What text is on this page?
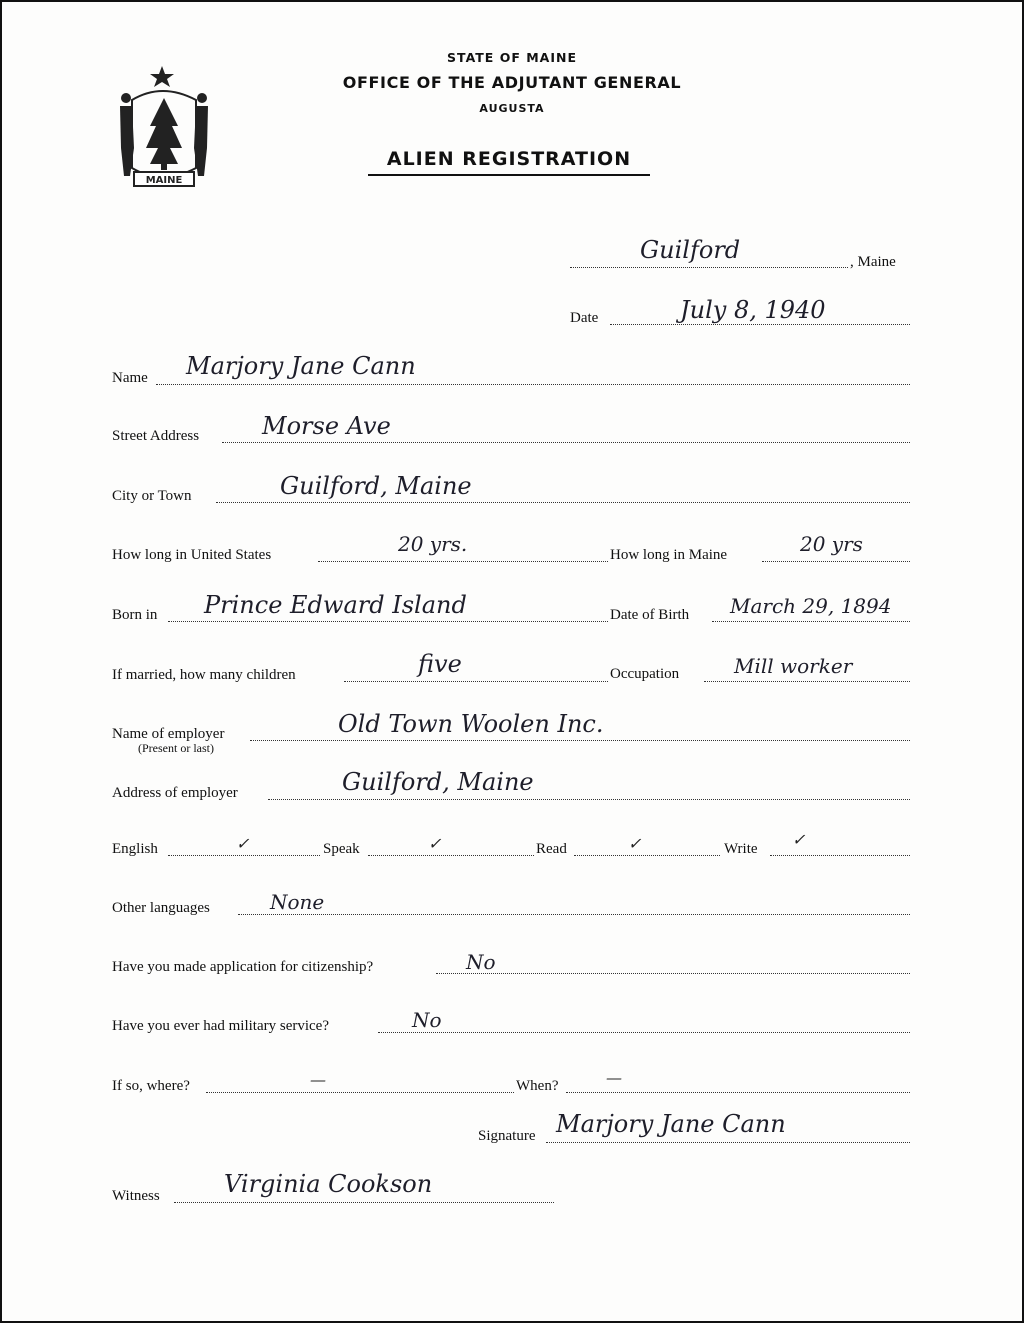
MAINE
STATE OF MAINE
OFFICE OF THE ADJUTANT GENERAL
AUGUSTA
ALIEN REGISTRATION
Guilford	, Maine
Date	July 8, 1940
Name Marjory Jane Cann
Street Address	Morse Ave
City or Town	Guilford, Maine
How long in United States	20 yrs.	How long in Maine	20 yrs
Born in Prince Edward Island	Date of Birth March 29, 1894
If married, how many children	five	Occupation	Mill worker
Name of employer
(Present or last)
Old Town Woolen Inc.
Address of employer	Guilford, Maine
English	✓	Speak	✓	Read	✓	Write ✓
Other languages	None
Have you made application for citizenship?	No
Have you ever had military service?	No
If so, where?	—	When?	—
Signature Marjory Jane Cann
Witness	Virginia Cookson
